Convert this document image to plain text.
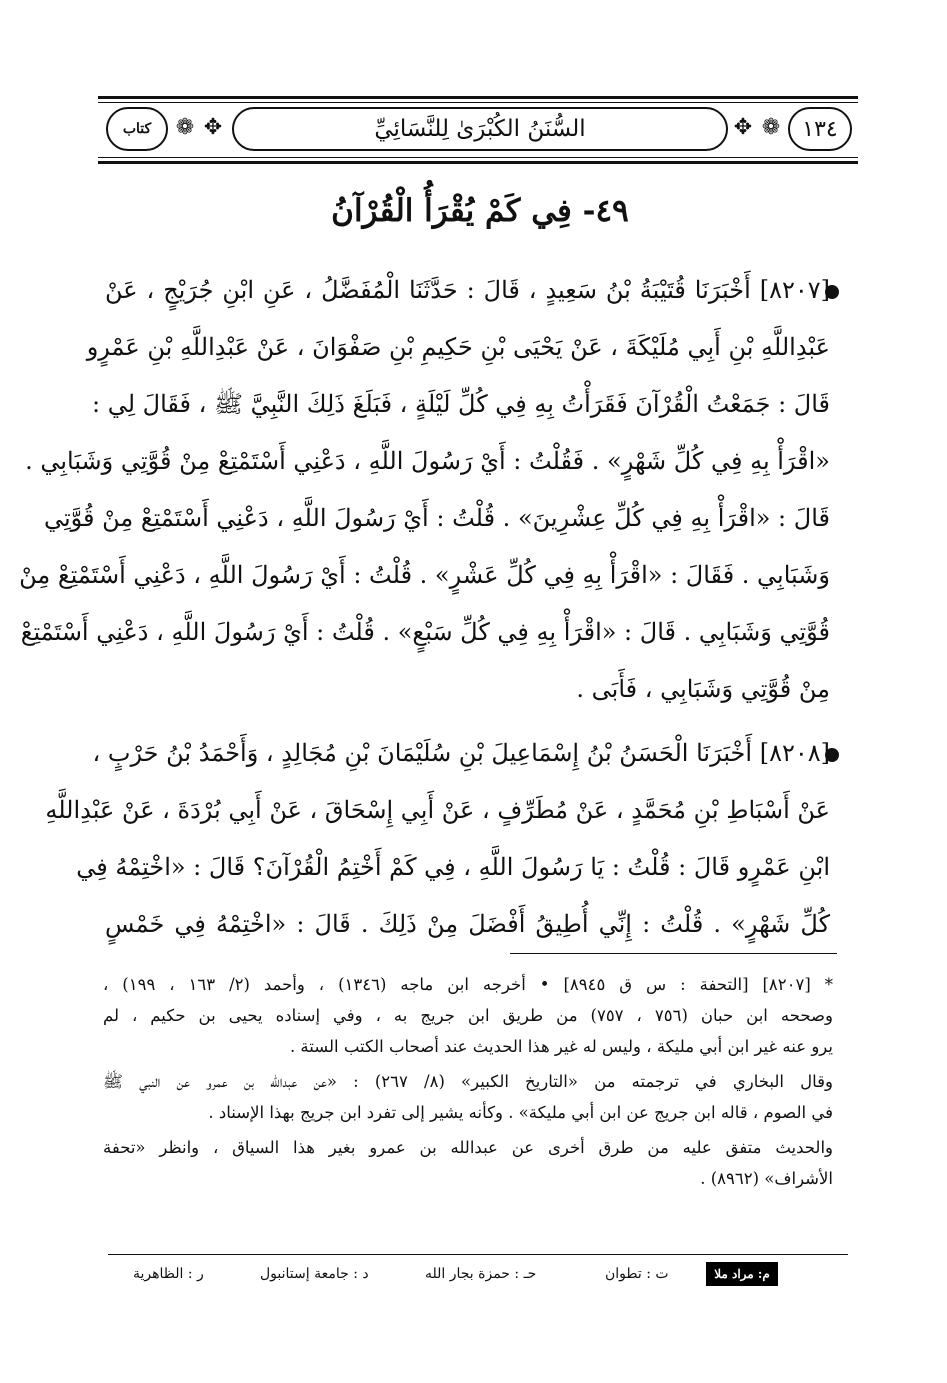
كتاب ❁ ✥	السُّنَنُ الكُبْرَىٰ لِلنَّسَائِيِّ	✥ ❁ ١٣٤
٤٩- فِي كَمْ يُقْرَأُ الْقُرْآنُ
[٨٢٠٧] أَخْبَرَنَا قُتَيْبَةُ بْنُ سَعِيدٍ ، قَالَ : حَدَّثَنَا الْمُفَضَّلُ ، عَنِ ابْنِ جُرَيْجٍ ، عَنْ
عَبْدِاللَّهِ بْنِ أَبِي مُلَيْكَةَ ، عَنْ يَحْيَى بْنِ حَكِيمِ بْنِ صَفْوَانَ ، عَنْ عَبْدِاللَّهِ بْنِ عَمْرٍو
قَالَ : جَمَعْتُ الْقُرْآنَ فَقَرَأْتُ بِهِ فِي كُلِّ لَيْلَةٍ ، فَبَلَغَ ذَلِكَ النَّبِيَّ ﷺ ، فَقَالَ لِي :
«اقْرَأْ بِهِ فِي كُلِّ شَهْرٍ» . فَقُلْتُ : أَيْ رَسُولَ اللَّهِ ، دَعْنِي أَسْتَمْتِعْ مِنْ قُوَّتِي وَشَبَابِي .
قَالَ : «اقْرَأْ بِهِ فِي كُلِّ عِشْرِينَ» . قُلْتُ : أَيْ رَسُولَ اللَّهِ ، دَعْنِي أَسْتَمْتِعْ مِنْ قُوَّتِي
وَشَبَابِي . فَقَالَ : «اقْرَأْ بِهِ فِي كُلِّ عَشْرٍ» . قُلْتُ : أَيْ رَسُولَ اللَّهِ ، دَعْنِي أَسْتَمْتِعْ مِنْ
قُوَّتِي وَشَبَابِي . قَالَ : «اقْرَأْ بِهِ فِي كُلِّ سَبْعٍ» . قُلْتُ : أَيْ رَسُولَ اللَّهِ ، دَعْنِي أَسْتَمْتِعْ
مِنْ قُوَّتِي وَشَبَابِي ، فَأَبَى .
[٨٢٠٨] أَخْبَرَنَا الْحَسَنُ بْنُ إِسْمَاعِيلَ بْنِ سُلَيْمَانَ بْنِ مُجَالِدٍ ، وَأَحْمَدُ بْنُ حَرْبٍ ،
عَنْ أَسْبَاطِ بْنِ مُحَمَّدٍ ، عَنْ مُطَرِّفٍ ، عَنْ أَبِي إِسْحَاقَ ، عَنْ أَبِي بُرْدَةَ ، عَنْ عَبْدِاللَّهِ
ابْنِ عَمْرٍو قَالَ : قُلْتُ : يَا رَسُولَ اللَّهِ ، فِي كَمْ أَخْتِمُ الْقُرْآنَ؟ قَالَ : «اخْتِمْهُ فِي
كُلِّ شَهْرٍ» . قُلْتُ : إِنِّي أُطِيقُ أَفْضَلَ مِنْ ذَلِكَ . قَالَ : «اخْتِمْهُ فِي خَمْسٍ
* [٨٢٠٧] [التحفة : س ق ٨٩٤٥] • أخرجه ابن ماجه (١٣٤٦) ، وأحمد (٢/ ١٦٣ ، ١٩٩) ،
وصححه ابن حبان (٧٥٦ ، ٧٥٧) من طريق ابن جريج به ، وفي إسناده يحيى بن حكيم ، لم
يرو عنه غير ابن أبي مليكة ، وليس له غير هذا الحديث عند أصحاب الكتب الستة .
وقال البخاري في ترجمته من «التاريخ الكبير» (٨/ ٢٦٧) : «عن عبدالله بن عمرو عن النبي ﷺ
في الصوم ، قاله ابن جريج عن ابن أبي مليكة» . وكأنه يشير إلى تفرد ابن جريج بهذا الإسناد .
والحديث متفق عليه من طرق أخرى عن عبدالله بن عمرو بغير هذا السياق ، وانظر «تحفة
الأشراف» (٨٩٦٢) .
م: مراد ملا
ت : تطوان
حـ : حمزة بجار الله
د : جامعة إستانبول
ر : الظاهرية
